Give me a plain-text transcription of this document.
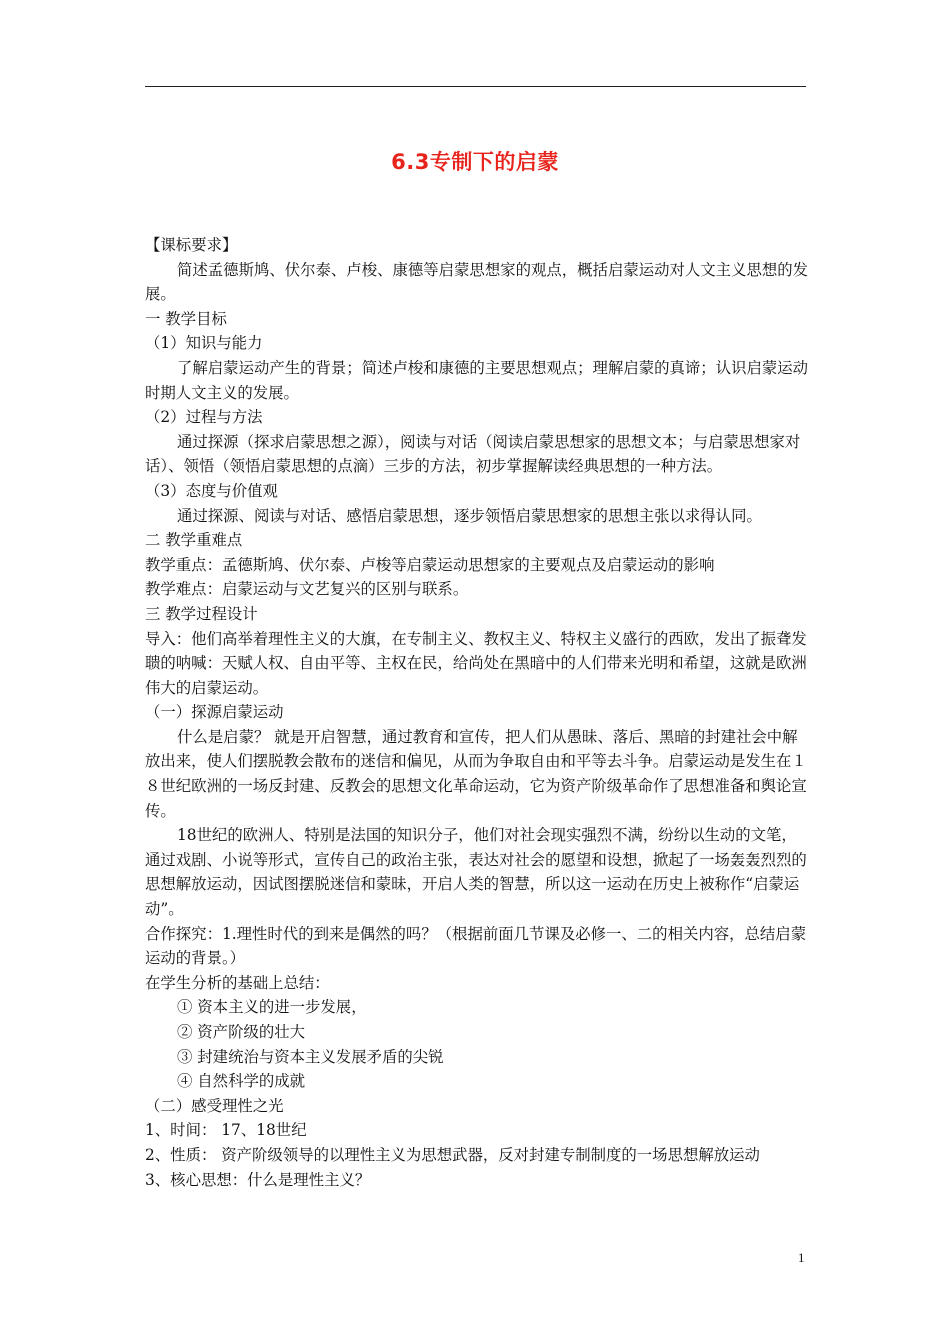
6.3专制下的启蒙

【课标要求】

简述孟德斯鸠、伏尔泰、卢梭、康德等启蒙思想家的观点，概括启蒙运动对人文主义思想的发展。

一 教学目标

（1）知识与能力

了解启蒙运动产生的背景；简述卢梭和康德的主要思想观点；理解启蒙的真谛；认识启蒙运动时期人文主义的发展。

（2）过程与方法

通过探源（探求启蒙思想之源），阅读与对话（阅读启蒙思想家的思想文本；与启蒙思想家对话）、领悟（领悟启蒙思想的点滴）三步的方法，初步掌握解读经典思想的一种方法。

（3）态度与价值观

通过探源、阅读与对话、感悟启蒙思想，逐步领悟启蒙思想家的思想主张以求得认同。

二 教学重难点

教学重点：孟德斯鸠、伏尔泰、卢梭等启蒙运动思想家的主要观点及启蒙运动的影响

教学难点：启蒙运动与文艺复兴的区别与联系。

三 教学过程设计

导入：他们高举着理性主义的大旗，在专制主义、教权主义、特权主义盛行的西欧，发出了振聋发聩的呐喊：天赋人权、自由平等、主权在民，给尚处在黑暗中的人们带来光明和希望，这就是欧洲伟大的启蒙运动。

（一）探源启蒙运动

什么是启蒙？ 就是开启智慧，通过教育和宣传，把人们从愚昧、落后、黑暗的封建社会中解放出来，使人们摆脱教会散布的迷信和偏见，从而为争取自由和平等去斗争。启蒙运动是发生在１８世纪欧洲的一场反封建、反教会的思想文化革命运动，它为资产阶级革命作了思想准备和舆论宣传。

18世纪的欧洲人、特别是法国的知识分子，他们对社会现实强烈不满，纷纷以生动的文笔，通过戏剧、小说等形式，宣传自己的政治主张，表达对社会的愿望和设想，掀起了一场轰轰烈烈的思想解放运动，因试图摆脱迷信和蒙昧，开启人类的智慧，所以这一运动在历史上被称作“启蒙运动”。

合作探究：1.理性时代的到来是偶然的吗？（根据前面几节课及必修一、二的相关内容，总结启蒙运动的背景。）

在学生分析的基础上总结：

① 资本主义的进一步发展，

② 资产阶级的壮大

③ 封建统治与资本主义发展矛盾的尖锐

④ 自然科学的成就

（二）感受理性之光

1、时间： 17、18世纪

2、性质： 资产阶级领导的以理性主义为思想武器，反对封建专制制度的一场思想解放运动

3、核心思想：什么是理性主义？

1
